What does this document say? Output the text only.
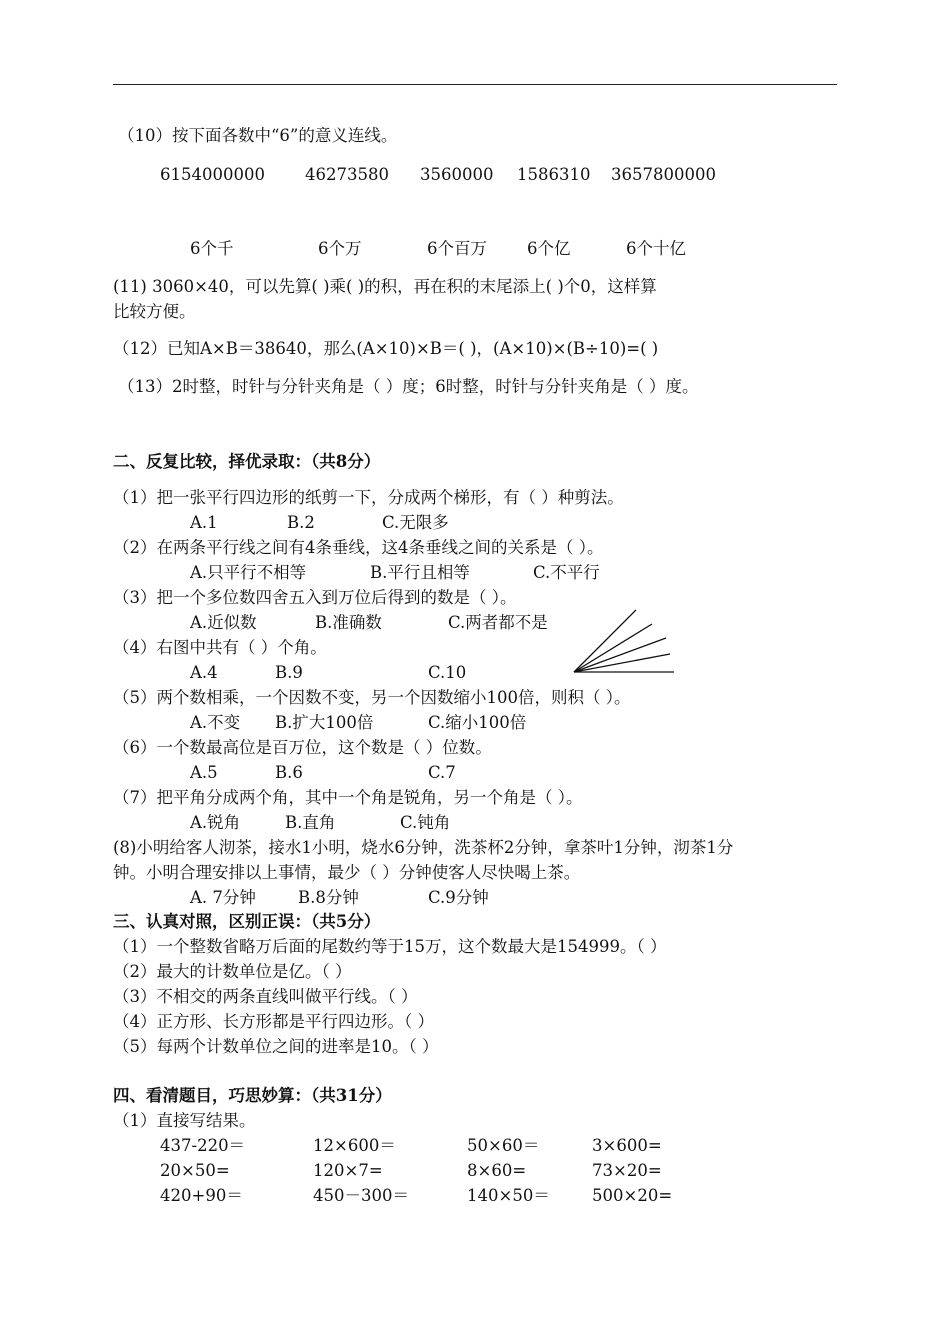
（10）按下面各数中“6”的意义连线。
6154000000 46273580 3560000 1586310 3657800000
6个千	6个万	6个百万 6个亿	6个十亿
(11) 3060×40，可以先算( )乘( )的积，再在积的末尾添上( )个0，这样算
比较方便。
（12）已知A×B＝38640，那么(A×10)×B＝( )，(A×10)×(B÷10)=( )
（13）2时整，时针与分针夹角是（ ）度；6时整，时针与分针夹角是（ ）度。
二、反复比较，择优录取：（共8分）
（1）把一张平行四边形的纸剪一下，分成两个梯形，有（ ）种剪法。
A.1	B.2	C.无限多
（2）在两条平行线之间有4条垂线，这4条垂线之间的关系是（ ）。
A.只平行不相等	B.平行且相等	C.不平行
（3）把一个多位数四舍五入到万位后得到的数是（ ）。
A.近似数	B.准确数	C.两者都不是
（4）右图中共有（ ）个角。
A.4	B.9	C.10
（5）两个数相乘，一个因数不变，另一个因数缩小100倍，则积（ ）。
A.不变 B.扩大100倍	C.缩小100倍
（6）一个数最高位是百万位，这个数是（ ）位数。
A.5	B.6	C.7
（7）把平角分成两个角，其中一个角是锐角，另一个角是（ ）。
A.锐角	B.直角	C.钝角
(8)小明给客人沏茶，接水1小明，烧水6分钟，洗茶杯2分钟，拿茶叶1分钟，沏茶1分
钟。小明合理安排以上事情，最少（ ）分钟使客人尽快喝上茶。
A. 7分钟	B.8分钟	C.9分钟
三、认真对照，区别正误：（共5分）
（1）一个整数省略万后面的尾数约等于15万，这个数最大是154999。（ ）
（2）最大的计数单位是亿。（ ）
（3）不相交的两条直线叫做平行线。（ ）
（4）正方形、长方形都是平行四边形。（ ）
（5）每两个计数单位之间的进率是10。（ ）
四、看清题目，巧思妙算：（共31分）
（1）直接写结果。
437-220＝	12×600＝	50×60＝	3×600=
20×50=	120×7=	8×60=	73×20=
420+90＝	450－300＝	140×50＝	500×20=
